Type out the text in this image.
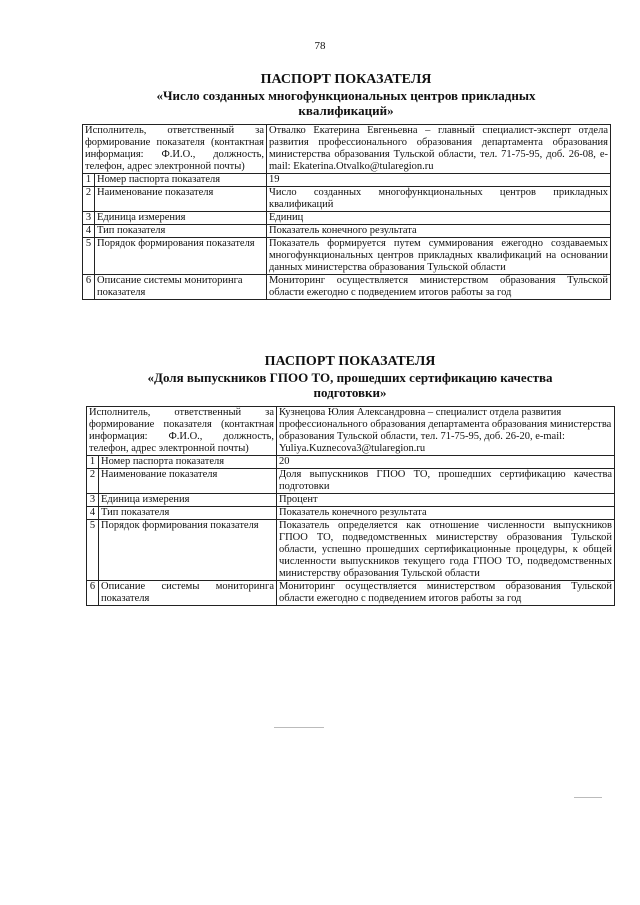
78
ПАСПОРТ ПОКАЗАТЕЛЯ
«Число созданных многофункциональных центров прикладных
квалификаций»
Исполнитель, ответственный за формирование показателя (контактная информация: Ф.И.О., должность, телефон, адрес электронной почты)		Отвалко Екатерина Евгеньевна – главный специалист-эксперт отдела развития профессионального образования департамента образования министерства образования Тульской области, тел. 71-75-95, доб. 26-08, e-mail: Ekaterina.Otvalko@tularegion.ru
1	Номер паспорта показателя	19
2	Наименование показателя	Число созданных многофункциональных центров прикладных квалификаций
3	Единица измерения	Единиц
4	Тип показателя	Показатель конечного результата
5	Порядок формирования показателя	Показатель формируется путем суммирования ежегодно создаваемых многофункциональных центров прикладных квалификаций на основании данных министерства образования Тульской области
6	Описание системы мониторинга показателя	Мониторинг осуществляется министерством образования Тульской области ежегодно с подведением итогов работы за год
ПАСПОРТ ПОКАЗАТЕЛЯ
«Доля выпускников ГПОО ТО, прошедших сертификацию качества
подготовки»
Исполнитель, ответственный за формирование показателя (контактная информация: Ф.И.О., должность, телефон, адрес электронной почты)		Кузнецова Юлия Александровна – специалист отдела развития профессионального образования департамента образования министерства образования Тульской области, тел. 71-75-95, доб. 26-20, e-mail: Yuliya.Kuznecova3@tularegion.ru
1	Номер паспорта показателя	20
2	Наименование показателя	Доля выпускников ГПОО ТО, прошедших сертификацию качества подготовки
3	Единица измерения	Процент
4	Тип показателя	Показатель конечного результата
5	Порядок формирования показателя	Показатель определяется как отношение численности выпускников ГПОО ТО, подведомственных министерству образования Тульской области, успешно прошедших сертификационные процедуры, к общей численности выпускников текущего года ГПОО ТО, подведомственных министерству образования Тульской области
6	Описание системы мониторинга показателя	Мониторинг осуществляется министерством образования Тульской области ежегодно с подведением итогов работы за год
